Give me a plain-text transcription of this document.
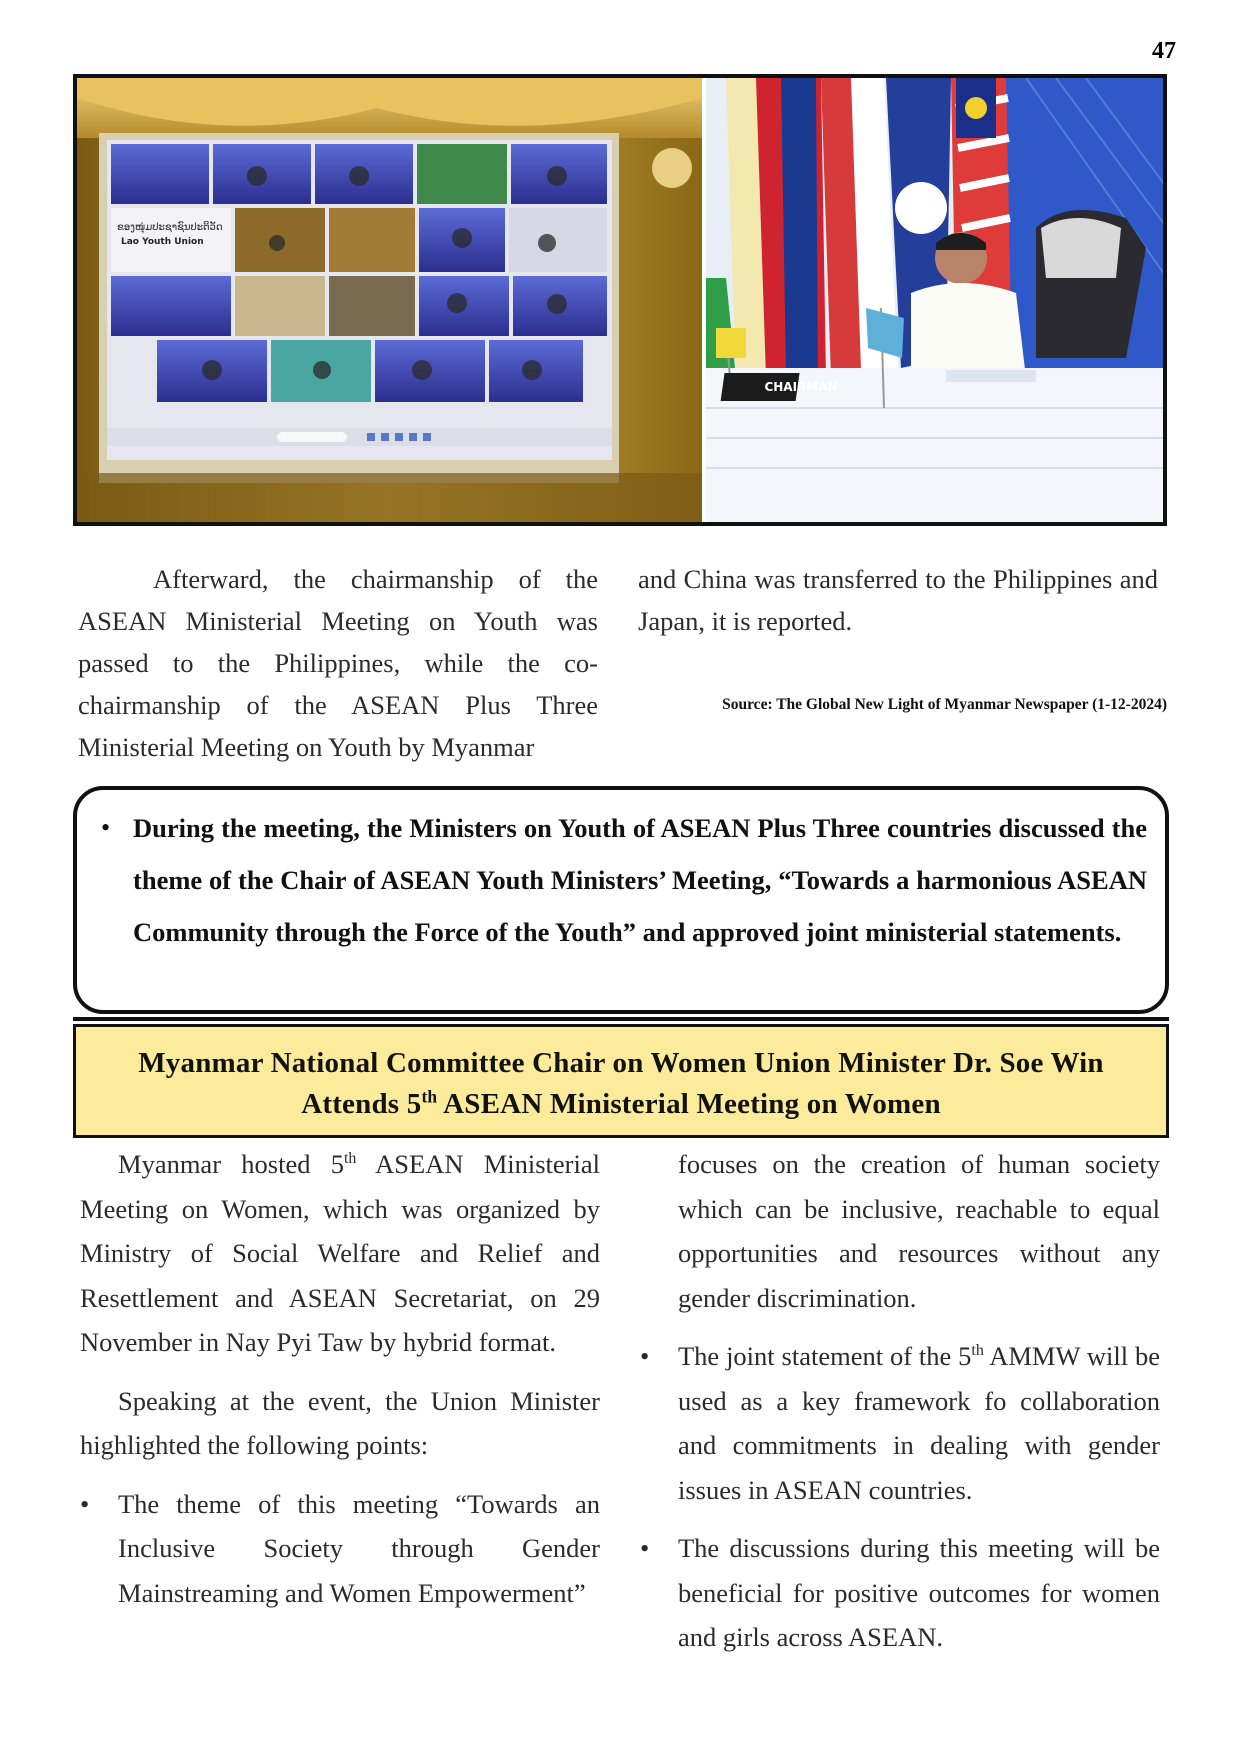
47
ຂອງໜຸ່ມປະຊາຊົນປະຕິວັດ
Lao Youth Union
CHAIRMAN

Afterward, the chairmanship of the ASEAN Ministerial Meeting on Youth was passed to the Philippines, while the co-chairmanship of the ASEAN Plus Three Ministerial Meeting on Youth by Myanmar

and China was transferred to the Philippines and Japan, it is reported.

Source: The Global New Light of Myanmar Newspaper (1-12-2024)
• During the meeting, the Ministers on Youth of ASEAN Plus Three countries discussed the theme of the Chair of ASEAN Youth Ministers’ Meeting, “Towards a harmonious ASEAN Community through the Force of the Youth” and approved joint ministerial statements.
Myanmar National Committee Chair on Women Union Minister Dr. Soe Win
Attends 5th ASEAN Ministerial Meeting on Women

Myanmar hosted 5th ASEAN Ministerial Meeting on Women, which was organized by Ministry of Social Welfare and Relief and Resettlement and ASEAN Secretariat, on 29 November in Nay Pyi Taw by hybrid format.

Speaking at the event, the Union Minister highlighted the following points:

• The theme of this meeting “Towards an Inclusive Society through Gender Mainstreaming and Women Empowerment”
focuses on the creation of human society which can be inclusive, reachable to equal opportunities and resources without any gender discrimination.
• The joint statement of the 5th AMMW will be used as a key framework fo collaboration and commitments in dealing with gender issues in ASEAN countries.
• The discussions during this meeting will be beneficial for positive outcomes for women and girls across ASEAN.
